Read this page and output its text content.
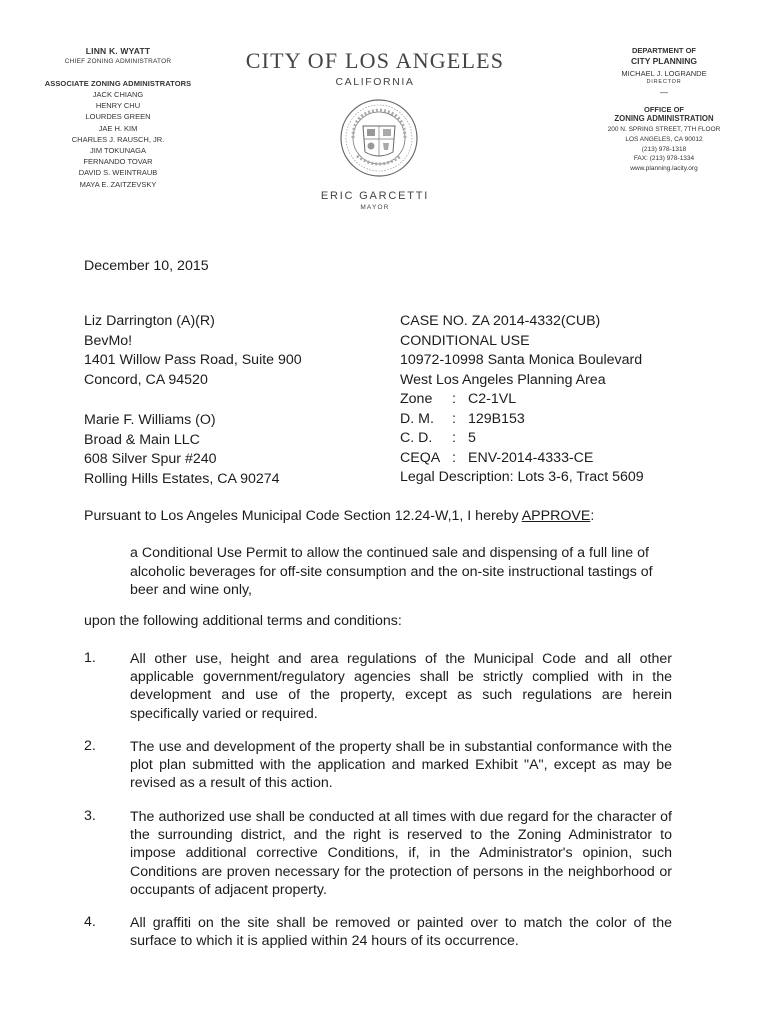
LINN K. WYATT
CHIEF ZONING ADMINISTRATOR
ASSOCIATE ZONING ADMINISTRATORS
JACK CHIANG
HENRY CHU
LOURDES GREEN
JAE H. KIM
CHARLES J. RAUSCH, JR.
JIM TOKUNAGA
FERNANDO TOVAR
DAVID S. WEINTRAUB
MAYA E. ZAITZEVSKY
CITY OF LOS ANGELES
CALIFORNIA
ERIC GARCETTI
MAYOR
DEPARTMENT OF
CITY PLANNING
MICHAEL J. LOGRANDE
DIRECTOR
—
OFFICE OF
ZONING ADMINISTRATION
200 N. SPRING STREET, 7TH FLOOR
LOS ANGELES, CA 90012
(213) 978-1318
FAX: (213) 978-1334
www.planning.lacity.org
December 10, 2015
Liz Darrington (A)(R)
BevMo!
1401 Willow Pass Road, Suite 900
Concord, CA 94520
Marie F. Williams (O)
Broad & Main LLC
608 Silver Spur #240
Rolling Hills Estates, CA 90274
CASE NO. ZA 2014-4332(CUB)
CONDITIONAL USE
10972-10998 Santa Monica Boulevard
West Los Angeles Planning Area
Zone	: C2-1VL
D. M.	: 129B153
C. D.	: 5
CEQA : ENV-2014-4333-CE
Legal Description: Lots 3-6, Tract 5609
Pursuant to Los Angeles Municipal Code Section 12.24-W,1, I hereby APPROVE:
a Conditional Use Permit to allow the continued sale and dispensing of a full line of alcoholic beverages for off-site consumption and the on-site instructional tastings of beer and wine only,
upon the following additional terms and conditions:
1.	All other use, height and area regulations of the Municipal Code and all other applicable government/regulatory agencies shall be strictly complied with in the development and use of the property, except as such regulations are herein specifically varied or required.
2.	The use and development of the property shall be in substantial conformance with the plot plan submitted with the application and marked Exhibit "A", except as may be revised as a result of this action.
3.	The authorized use shall be conducted at all times with due regard for the character of the surrounding district, and the right is reserved to the Zoning Administrator to impose additional corrective Conditions, if, in the Administrator's opinion, such Conditions are proven necessary for the protection of persons in the neighborhood or occupants of adjacent property.
4.	All graffiti on the site shall be removed or painted over to match the color of the surface to which it is applied within 24 hours of its occurrence.
